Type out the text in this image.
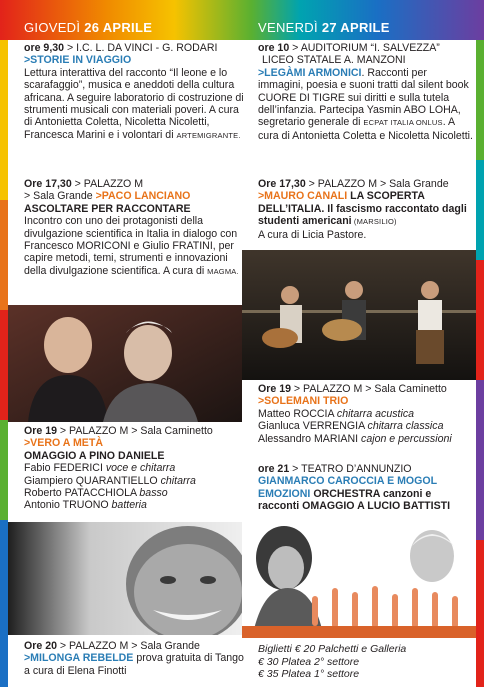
GIOVEDÌ 26 APRILE	VENERDÌ 27 APRILE

ore 9,30 > I.C. L. DA VINCI - G. RODARI

>STORIE IN VIAGGIO

Lettura interattiva del racconto “Il leone e lo scarafaggio”, musica e aneddoti della cultura africana. A seguire laboratorio di costruzione di strumenti musicali con materiali poveri. A cura di Antonietta Coletta, Nicoletta Nicoletti, Francesca Marini e i volontari di ARTEMIGRANTE.

Ore 17,30 > PALAZZO M

> Sala Grande >PACO LANCIANO

ASCOLTARE PER RACCONTARE

Incontro con uno dei protagonisti della divulgazione scientifica in Italia in dialogo con Francesco MORICONI e Giulio FRATINI, per capire metodi, temi, strumenti e innovazioni della divulgazione scientifica. A cura di MAGMA.

Ore 19 > PALAZZO M > Sala Caminetto

>VERO A METÀ

OMAGGIO A PINO DANIELE

Fabio FEDERICI voce e chitarra

Giampiero QUARANTIELLO chitarra

Roberto PATACCHIOLA basso

Antonio TRUONO batteria

Ore 20 > PALAZZO M > Sala Grande

>MILONGA REBELDE prova gratuita di Tango a cura di Elena Finotti

ore 10 > AUDITORIUM “I. SALVEZZA”

LICEO STATALE A. MANZONI

>LEGÀMI ARMONICI. Racconti per immagini, poesia e suoni tratti dal silent book CUORE DI TIGRE sui diritti e sulla tutela dell’infanzia. Partecipa Yasmin ABO LOHA, segretario generale di ECPAT ITALIA ONLUS. A cura di Antonietta Coletta e Nicoletta Nicoletti.

Ore 17,30 > PALAZZO M > Sala Grande

>MAURO CANALI LA SCOPERTA DELL’ITALIA. Il fascismo raccontato dagli studenti americani (MARSILIO)

A cura di Licia Pastore.

Ore 19 > PALAZZO M > Sala Caminetto

>SOLEMANI TRIO

Matteo ROCCIA chitarra acustica

Gianluca VERRENGIA chitarra classica

Alessandro MARIANI cajon e percussioni

ore 21 > TEATRO D’ANNUNZIO

GIANMARCO CAROCCIA E MOGOL EMOZIONI ORCHESTRA canzoni e racconti OMAGGIO A LUCIO BATTISTI

Biglietti € 20 Palchetti e Galleria

€ 30 Platea 2° settore

€ 35 Platea 1° settore
